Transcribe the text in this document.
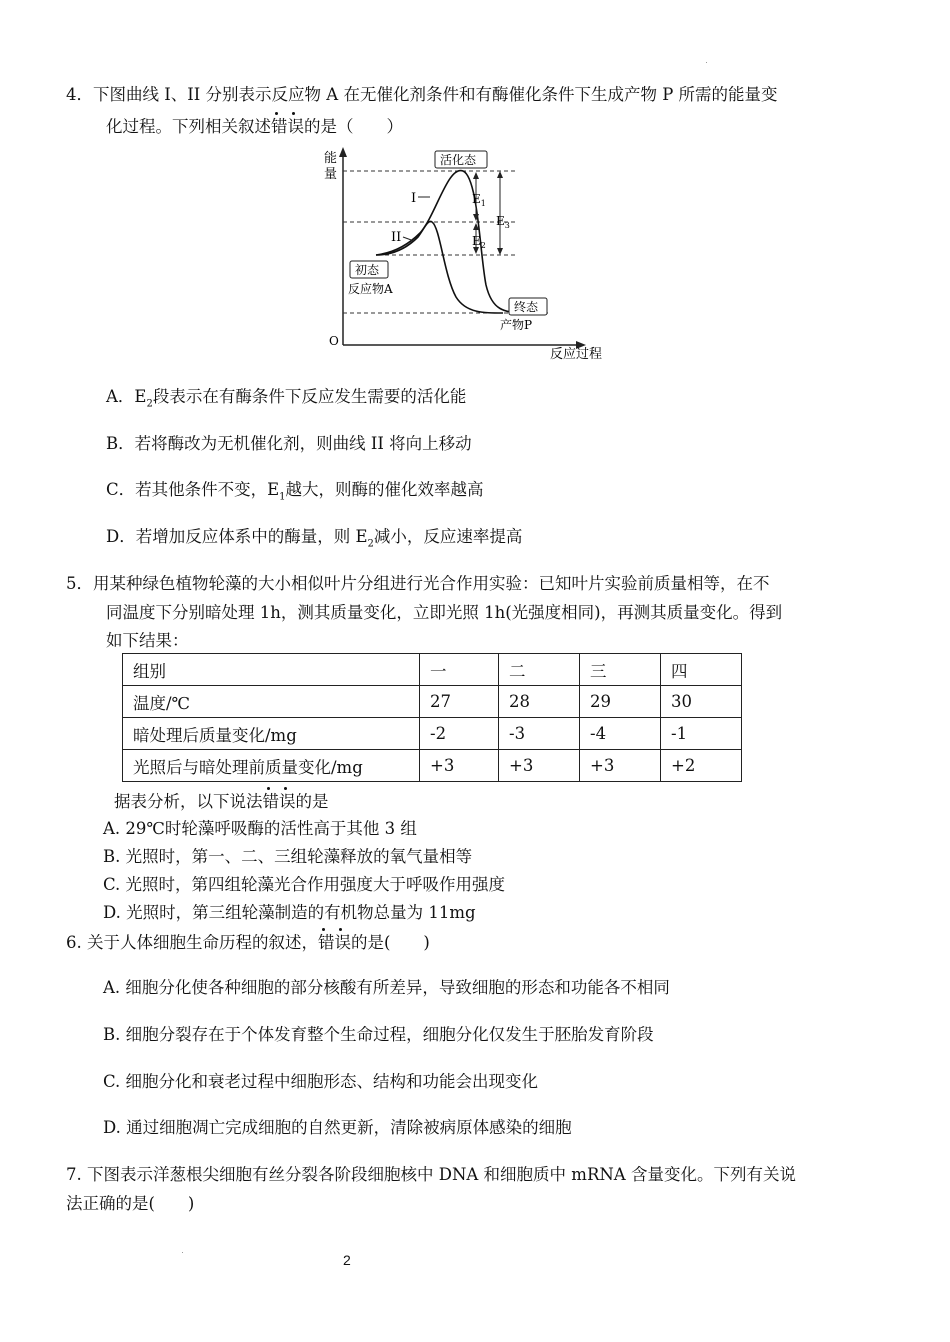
4．下图曲线 I、II 分别表示反应物 A 在无催化剂条件和有酶催化条件下生成产物 P 所需的能量变
化过程。下列相关叙述错误的是（　　）
能
量
O
反应过程
I
II
活化态
初态
反应物A
终态
产物P
$E_1$
$E_2$
$E_3$
A．$E_2$段表示在有酶条件下反应发生需要的活化能
B．若将酶改为无机催化剂，则曲线 II 将向上移动
C．若其他条件不变，$E_1$越大，则酶的催化效率越高
D．若增加反应体系中的酶量，则 $E_2$减小，反应速率提高
5．用某种绿色植物轮藻的大小相似叶片分组进行光合作用实验：已知叶片实验前质量相等，在不
同温度下分别暗处理 1h，测其质量变化，立即光照 1h(光强度相同)，再测其质量变化。得到
如下结果：
组别	一	二	三	四
温度/℃	27	28	29	30
暗处理后质量变化/mg	-2	-3	-4	-1
光照后与暗处理前质量变化/mg	+3	+3	+3	+2
据表分析，以下说法错误的是
A. 29℃时轮藻呼吸酶的活性高于其他 3 组
B. 光照时，第一、二、三组轮藻释放的氧气量相等
C. 光照时，第四组轮藻光合作用强度大于呼吸作用强度
D. 光照时，第三组轮藻制造的有机物总量为 11mg
6. 关于人体细胞生命历程的叙述，错误的是(　　)
A. 细胞分化使各种细胞的部分核酸有所差异，导致细胞的形态和功能各不相同
B. 细胞分裂存在于个体发育整个生命过程，细胞分化仅发生于胚胎发育阶段
C. 细胞分化和衰老过程中细胞形态、结构和功能会出现变化
D. 通过细胞凋亡完成细胞的自然更新，清除被病原体感染的细胞
7. 下图表示洋葱根尖细胞有丝分裂各阶段细胞核中 DNA 和细胞质中 mRNA 含量变化。下列有关说
法正确的是(　　)
2
